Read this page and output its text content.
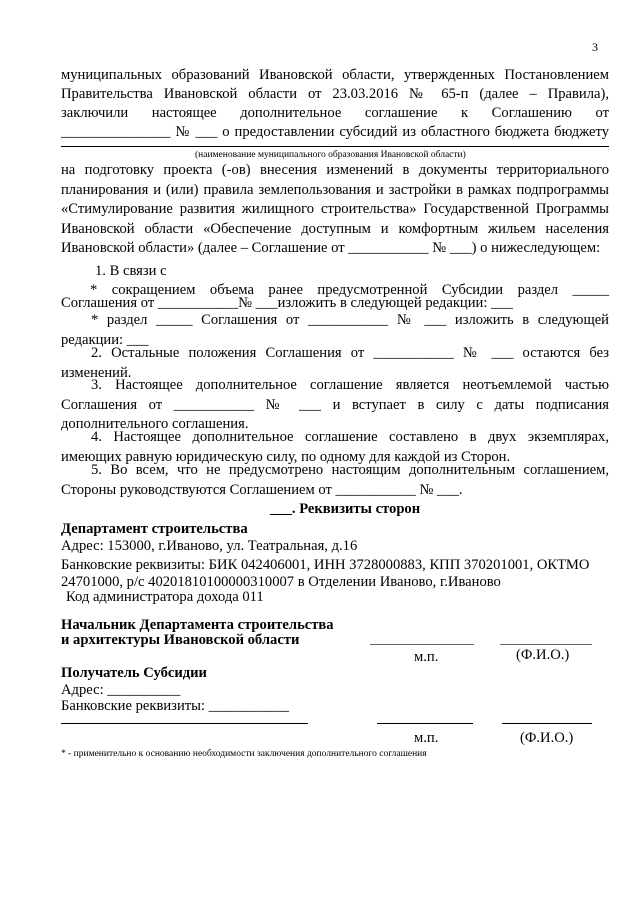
3
муниципальных образований Ивановской области, утвержденных Постановлением
Правительства Ивановской области от 23.03.2016 № 65-п (далее – Правила),
заключили настоящее дополнительное соглашение к Соглашению от
_______________ № ___ о предоставлении субсидий из областного бюджета бюджету
(наименование муниципального образования Ивановской области)
на подготовку проекта (-ов) внесения изменений в документы территориального планирования и (или) правила землепользования и застройки в рамках подпрограммы «Стимулирование развития жилищного строительства» Государственной Программы Ивановской области «Обеспечение доступным и комфортным жильем населения Ивановской области» (далее – Соглашение от ___________ № ___) о нижеследующем:
1. В связи с
* сокращением объема ранее предусмотренной Субсидии раздел _____
Соглашения от ___________№ ___изложить в следующей редакции: ___
* раздел _____ Соглашения от ___________ № ___ изложить в следующей редакции: ___
2. Остальные положения Соглашения от ___________ № ___ остаются без изменений.
3. Настоящее дополнительное соглашение является неотъемлемой частью Соглашения от ___________ № ___ и вступает в силу с даты подписания дополнительного соглашения.
4. Настоящее дополнительное соглашение составлено в двух экземплярах, имеющих равную юридическую силу, по одному для каждой из Сторон.
5. Во всем, что не предусмотрено настоящим дополнительным соглашением, Стороны руководствуются Соглашением от ___________ № ___.
___. Реквизиты сторон
Департамент строительства
Адрес: 153000, г.Иваново, ул. Театральная, д.16
Банковские реквизиты: БИК 042406001, ИНН 3728000883, КПП 370201001, ОКТМО
24701000, р/с 40201810100000310007 в Отделении Иваново, г.Иваново
Код администратора дохода 011
Начальник Департамента строительства
и архитектуры Ивановской области
м.п.	(Ф.И.О.)
Получатель Субсидии
Адрес: __________
Банковские реквизиты: ___________
м.п.	(Ф.И.О.)
* - применительно к основанию необходимости заключения дополнительного соглашения
